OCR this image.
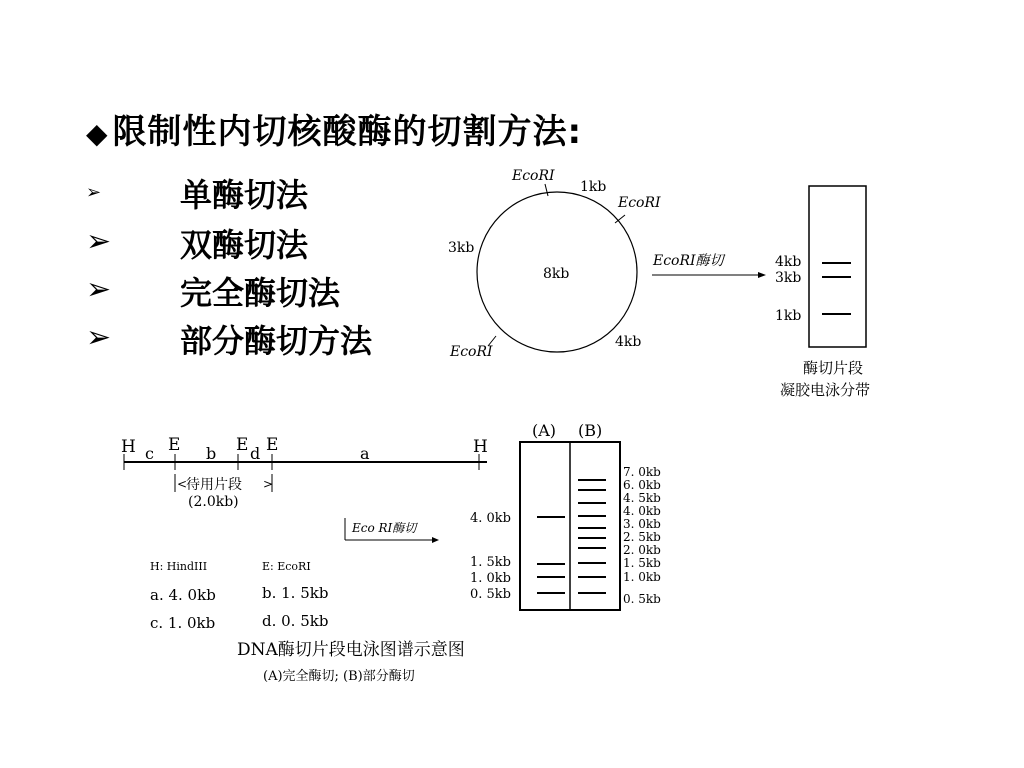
◆ 限制性内切核酸酶的切割方法:
➢ 单酶切法
➢ 双酶切法
➢ 完全酶切法
➢ 部分酶切方法
EcoRI
EcoRI
EcoRI
1kb
3kb
4kb
8kb
EcoRI酶切	4kb
3kb
1kb
酶切片段
凝胶电泳分带
H c E b E d E	a	H
<	>
待用片段
(2.0kb)
Eco RI酶切
H: HindIII	E: EcoRI
a. 4. 0kb	b. 1. 5kb
c. 1. 0kb	d. 0. 5kb
(A) (B)
4. 0kb
1. 5kb
1. 0kb
0. 5kb
7. 0kb
6. 0kb
4. 5kb
4. 0kb
3. 0kb
2. 5kb
2. 0kb
1. 5kb
1. 0kb
0. 5kb
DNA酶切片段电泳图谱示意图
(A)完全酶切; (B)部分酶切
